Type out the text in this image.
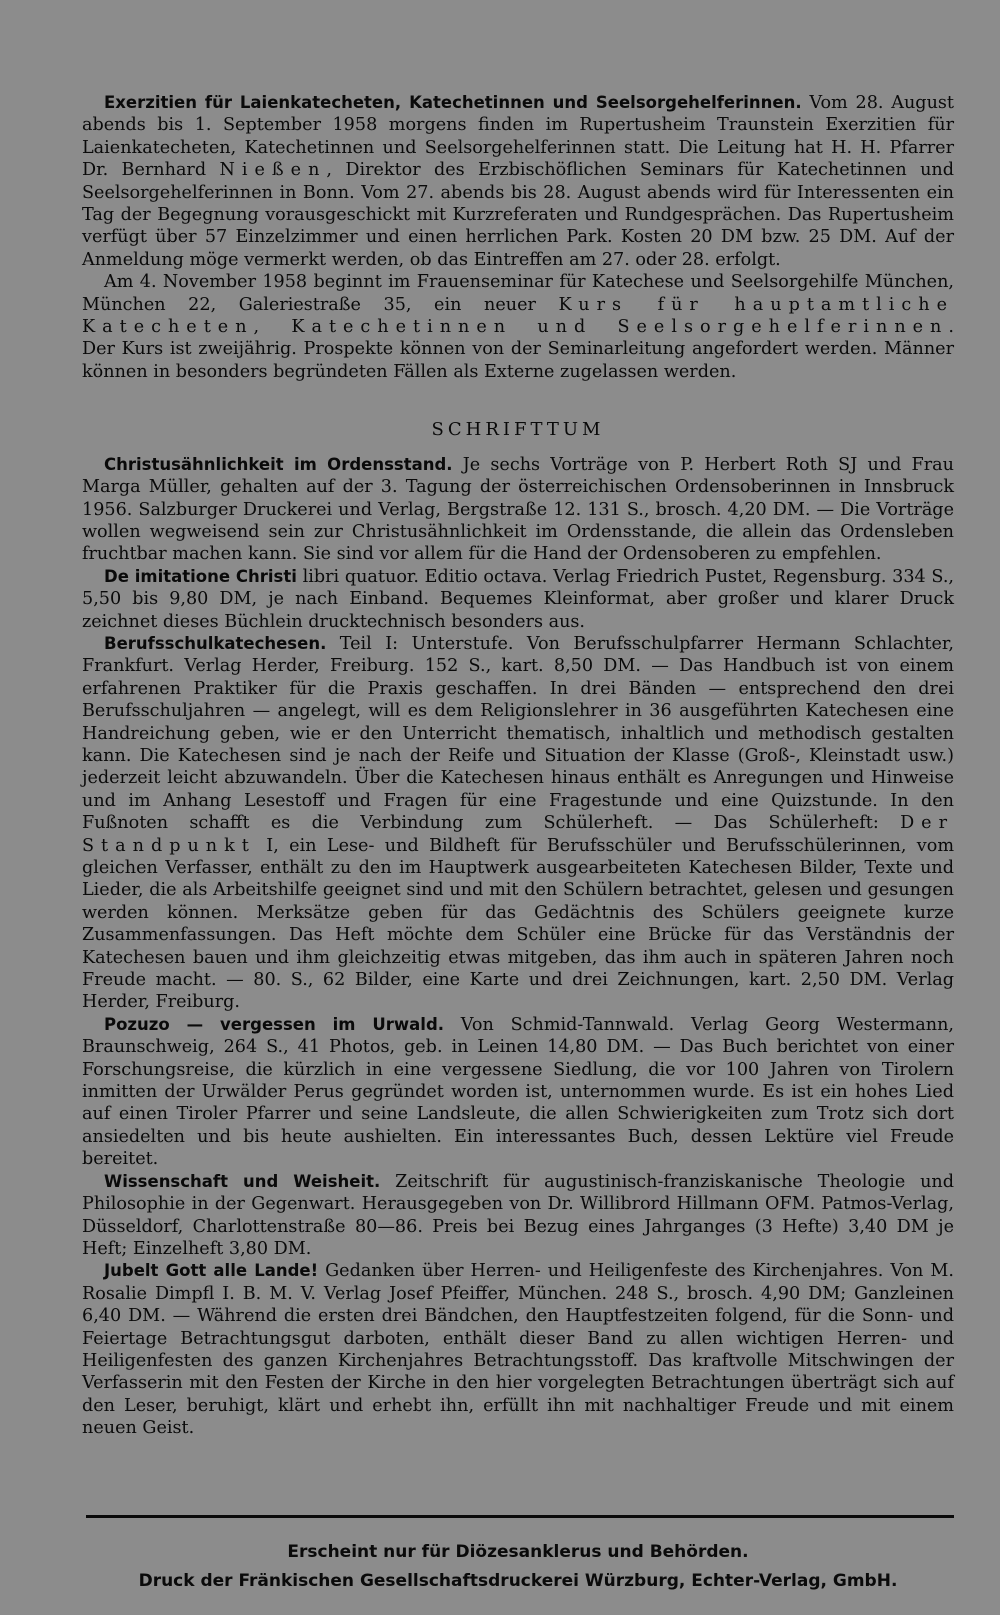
Exerzitien für Laienkatecheten, Katechetinnen und Seelsorgehelferinnen. Vom 28. August abends bis 1. September 1958 morgens finden im Rupertusheim Traunstein Exerzitien für Laienkatecheten, Katechetinnen und Seelsorgehelferinnen statt. Die Leitung hat H. H. Pfarrer Dr. Bernhard Nießen, Direktor des Erzbischöflichen Seminars für Katechetinnen und Seelsorgehelferinnen in Bonn. Vom 27. abends bis 28. August abends wird für Interessenten ein Tag der Begegnung vorausgeschickt mit Kurzreferaten und Rundgesprächen. Das Rupertusheim verfügt über 57 Einzelzimmer und einen herrlichen Park. Kosten 20 DM bzw. 25 DM. Auf der Anmeldung möge vermerkt werden, ob das Eintreffen am 27. oder 28. erfolgt.

Am 4. November 1958 beginnt im Frauenseminar für Katechese und Seelsorgehilfe München, München 22, Galeriestraße 35, ein neuer Kurs für hauptamtliche Katecheten, Katechetinnen und Seelsorgehelferinnen. Der Kurs ist zweijährig. Prospekte können von der Seminarleitung angefordert werden. Männer können in besonders begründeten Fällen als Externe zugelassen werden.

SCHRIFTTUM

Christusähnlichkeit im Ordensstand. Je sechs Vorträge von P. Herbert Roth SJ und Frau Marga Müller, gehalten auf der 3. Tagung der österreichischen Ordensoberinnen in Innsbruck 1956. Salzburger Druckerei und Verlag, Bergstraße 12. 131 S., brosch. 4,20 DM. — Die Vorträge wollen wegweisend sein zur Christusähnlichkeit im Ordensstande, die allein das Ordensleben fruchtbar machen kann. Sie sind vor allem für die Hand der Ordensoberen zu empfehlen.

De imitatione Christi libri quatuor. Editio octava. Verlag Friedrich Pustet, Regensburg. 334 S., 5,50 bis 9,80 DM, je nach Einband. Bequemes Kleinformat, aber großer und klarer Druck zeichnet dieses Büchlein drucktechnisch besonders aus.

Berufsschulkatechesen. Teil I: Unterstufe. Von Berufsschulpfarrer Hermann Schlachter, Frankfurt. Verlag Herder, Freiburg. 152 S., kart. 8,50 DM. — Das Handbuch ist von einem erfahrenen Praktiker für die Praxis geschaffen. In drei Bänden — entsprechend den drei Berufsschuljahren — angelegt, will es dem Religionslehrer in 36 ausgeführten Katechesen eine Handreichung geben, wie er den Unterricht thematisch, inhaltlich und methodisch gestalten kann. Die Katechesen sind je nach der Reife und Situation der Klasse (Groß-, Kleinstadt usw.) jederzeit leicht abzuwandeln. Über die Katechesen hinaus enthält es Anregungen und Hinweise und im Anhang Lesestoff und Fragen für eine Fragestunde und eine Quizstunde. In den Fußnoten schafft es die Verbindung zum Schülerheft. — Das Schülerheft: Der Standpunkt I, ein Lese- und Bildheft für Berufsschüler und Berufsschülerinnen, vom gleichen Verfasser, enthält zu den im Hauptwerk ausgearbeiteten Katechesen Bilder, Texte und Lieder, die als Arbeitshilfe geeignet sind und mit den Schülern betrachtet, gelesen und gesungen werden können. Merksätze geben für das Gedächtnis des Schülers geeignete kurze Zusammenfassungen. Das Heft möchte dem Schüler eine Brücke für das Verständnis der Katechesen bauen und ihm gleichzeitig etwas mitgeben, das ihm auch in späteren Jahren noch Freude macht. — 80. S., 62 Bilder, eine Karte und drei Zeichnungen, kart. 2,50 DM. Verlag Herder, Freiburg.

Pozuzo — vergessen im Urwald. Von Schmid-Tannwald. Verlag Georg Westermann, Braunschweig, 264 S., 41 Photos, geb. in Leinen 14,80 DM. — Das Buch berichtet von einer Forschungsreise, die kürzlich in eine vergessene Siedlung, die vor 100 Jahren von Tirolern inmitten der Urwälder Perus gegründet worden ist, unternommen wurde. Es ist ein hohes Lied auf einen Tiroler Pfarrer und seine Landsleute, die allen Schwierigkeiten zum Trotz sich dort ansiedelten und bis heute aushielten. Ein interessantes Buch, dessen Lektüre viel Freude bereitet.

Wissenschaft und Weisheit. Zeitschrift für augustinisch-franziskanische Theologie und Philosophie in der Gegenwart. Herausgegeben von Dr. Willibrord Hillmann OFM. Patmos-Verlag, Düsseldorf, Charlottenstraße 80—86. Preis bei Bezug eines Jahrganges (3 Hefte) 3,40 DM je Heft; Einzelheft 3,80 DM.

Jubelt Gott alle Lande! Gedanken über Herren- und Heiligenfeste des Kirchenjahres. Von M. Rosalie Dimpfl I. B. M. V. Verlag Josef Pfeiffer, München. 248 S., brosch. 4,90 DM; Ganzleinen 6,40 DM. — Während die ersten drei Bändchen, den Hauptfestzeiten folgend, für die Sonn- und Feiertage Betrachtungsgut darboten, enthält dieser Band zu allen wichtigen Herren- und Heiligenfesten des ganzen Kirchenjahres Betrachtungsstoff. Das kraftvolle Mitschwingen der Verfasserin mit den Festen der Kirche in den hier vorgelegten Betrachtungen überträgt sich auf den Leser, beruhigt, klärt und erhebt ihn, erfüllt ihn mit nachhaltiger Freude und mit einem neuen Geist.

Erscheint nur für Diözesanklerus und Behörden.
Druck der Fränkischen Gesellschaftsdruckerei Würzburg, Echter-Verlag, GmbH.
